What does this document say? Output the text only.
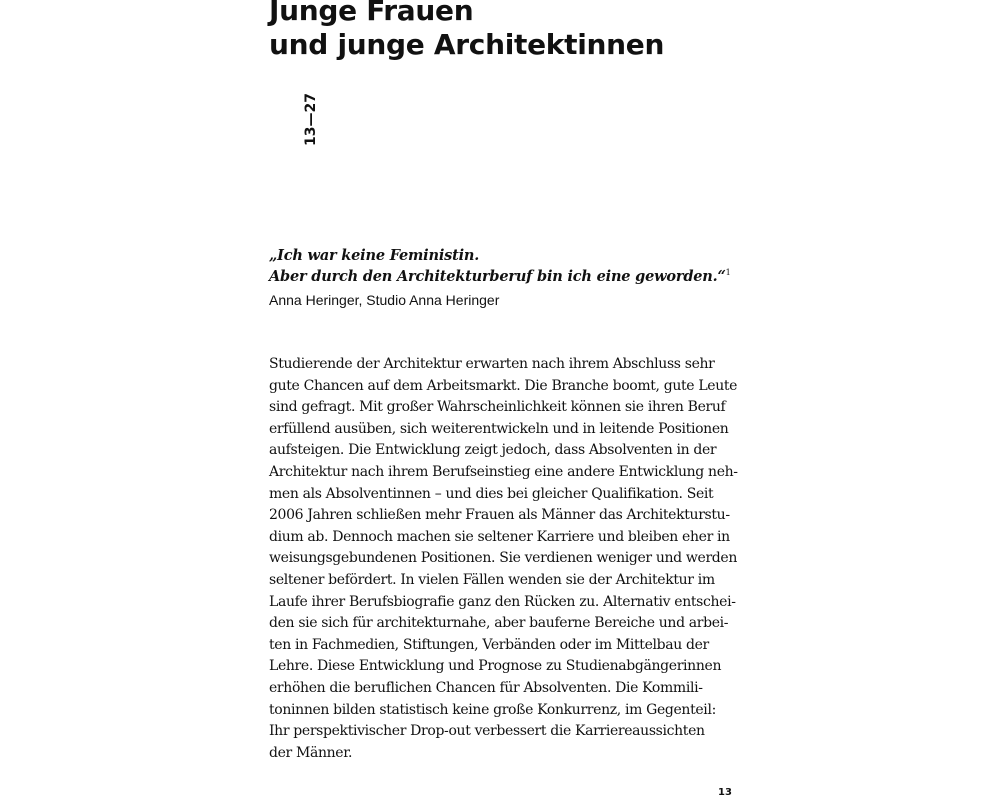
Junge Frauen
und junge Architektinnen
13—27
„Ich war keine Feministin.
Aber durch den Architekturberuf bin ich eine geworden.“$^1$
Anna Heringer, Studio Anna Heringer
Studierende der Architektur erwarten nach ihrem Abschluss sehr
gute Chancen auf dem Arbeitsmarkt. Die Branche boomt, gute Leute
sind gefragt. Mit großer Wahrscheinlichkeit können sie ihren Beruf
erfüllend ausüben, sich weiterentwickeln und in leitende Positionen
aufsteigen. Die Entwicklung zeigt jedoch, dass Absolventen in der
Architektur nach ihrem Berufseinstieg eine andere Entwicklung neh-
men als Absolventinnen – und dies bei gleicher Qualifikation. Seit
2006 Jahren schließen mehr Frauen als Männer das Architekturstu-
dium ab. Dennoch machen sie seltener Karriere und bleiben eher in
weisungsgebundenen Positionen. Sie verdienen weniger und werden
seltener befördert. In vielen Fällen wenden sie der Architektur im
Laufe ihrer Berufsbiografie ganz den Rücken zu. Alternativ entschei-
den sie sich für architekturnahe, aber bauferne Bereiche und arbei-
ten in Fachmedien, Stiftungen, Verbänden oder im Mittelbau der
Lehre. Diese Entwicklung und Prognose zu Studienabgängerinnen
erhöhen die beruflichen Chancen für Absolventen. Die Kommili-
toninnen bilden statistisch keine große Konkurrenz, im Gegenteil:
Ihr perspektivischer Drop-out verbessert die Karriereaussichten
der Männer.
13
